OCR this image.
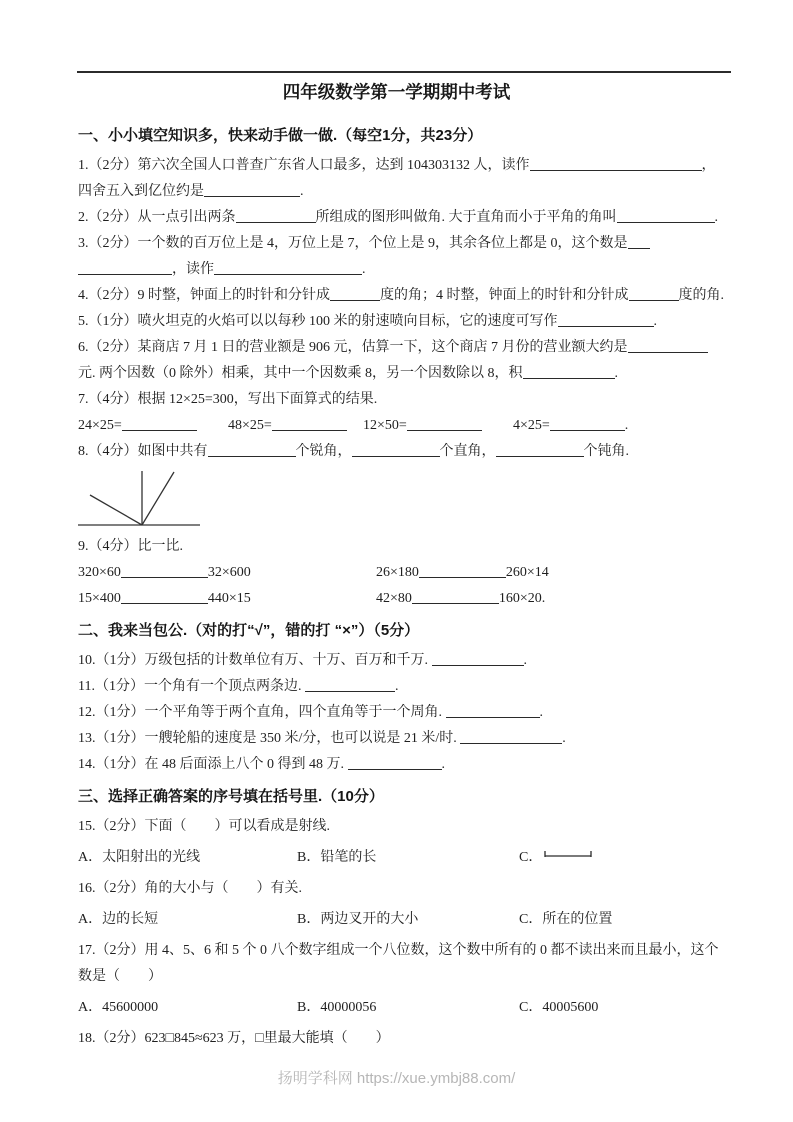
四年级数学第一学期期中考试
一、小小填空知识多，快来动手做一做.（每空1分，共23分）
1.（2分）第六次全国人口普查广东省人口最多，达到 104303132 人，读作	，
四舍五入到亿位约是	.
2.（2分）从一点引出两条	所组成的图形叫做角. 大于直角而小于平角的角叫	.
3.（2分）一个数的百万位上是 4，万位上是 7，个位上是 9，其余各位上都是 0，这个数是
，读作	.
4.（2分）9 时整，钟面上的时针和分针成	度的角；4 时整，钟面上的时针和分针成	度的角.
5.（1分）喷火坦克的火焰可以以每秒 100 米的射速喷向目标，它的速度可写作	.
6.（2分）某商店 7 月 1 日的营业额是 906 元，估算一下，这个商店 7 月份的营业额大约是
元. 两个因数（0 除外）相乘，其中一个因数乘 8，另一个因数除以 8，积	.
7.（4分）根据 12×25=300，写出下面算式的结果.
24×25=	48×25=	12×50=	4×25=	.
8.（4分）如图中共有	个锐角，	个直角，	个钝角.
9.（4分）比一比.
320×60	32×600	26×180	260×14
15×400	440×15	42×80	160×20.
二、我来当包公.（对的打“√”，错的打 “×”）（5分）
10.（1分）万级包括的计数单位有万、十万、百万和千万.	.
11.（1分）一个角有一个顶点两条边.	.
12.（1分）一个平角等于两个直角，四个直角等于一个周角.	.
13.（1分）一艘轮船的速度是 350 米/分，也可以说是 21 米/时.	.
14.（1分）在 48 后面添上八个 0 得到 48 万.	.
三、选择正确答案的序号填在括号里.（10分）
15.（2分）下面（　　）可以看成是射线.
A．太阳射出的光线	B．铅笔的长	C．
16.（2分）角的大小与（　　）有关.
A．边的长短	B．两边叉开的大小	C．所在的位置
17.（2分）用 4、5、6 和 5 个 0 八个数字组成一个八位数，这个数中所有的 0 都不读出来而且最小，这个
数是（　　）
A．45600000	B．40000056	C．40005600
18.（2分）623□845≈623 万，□里最大能填（　　）
扬明学科网 https://xue.ymbj88.com/
